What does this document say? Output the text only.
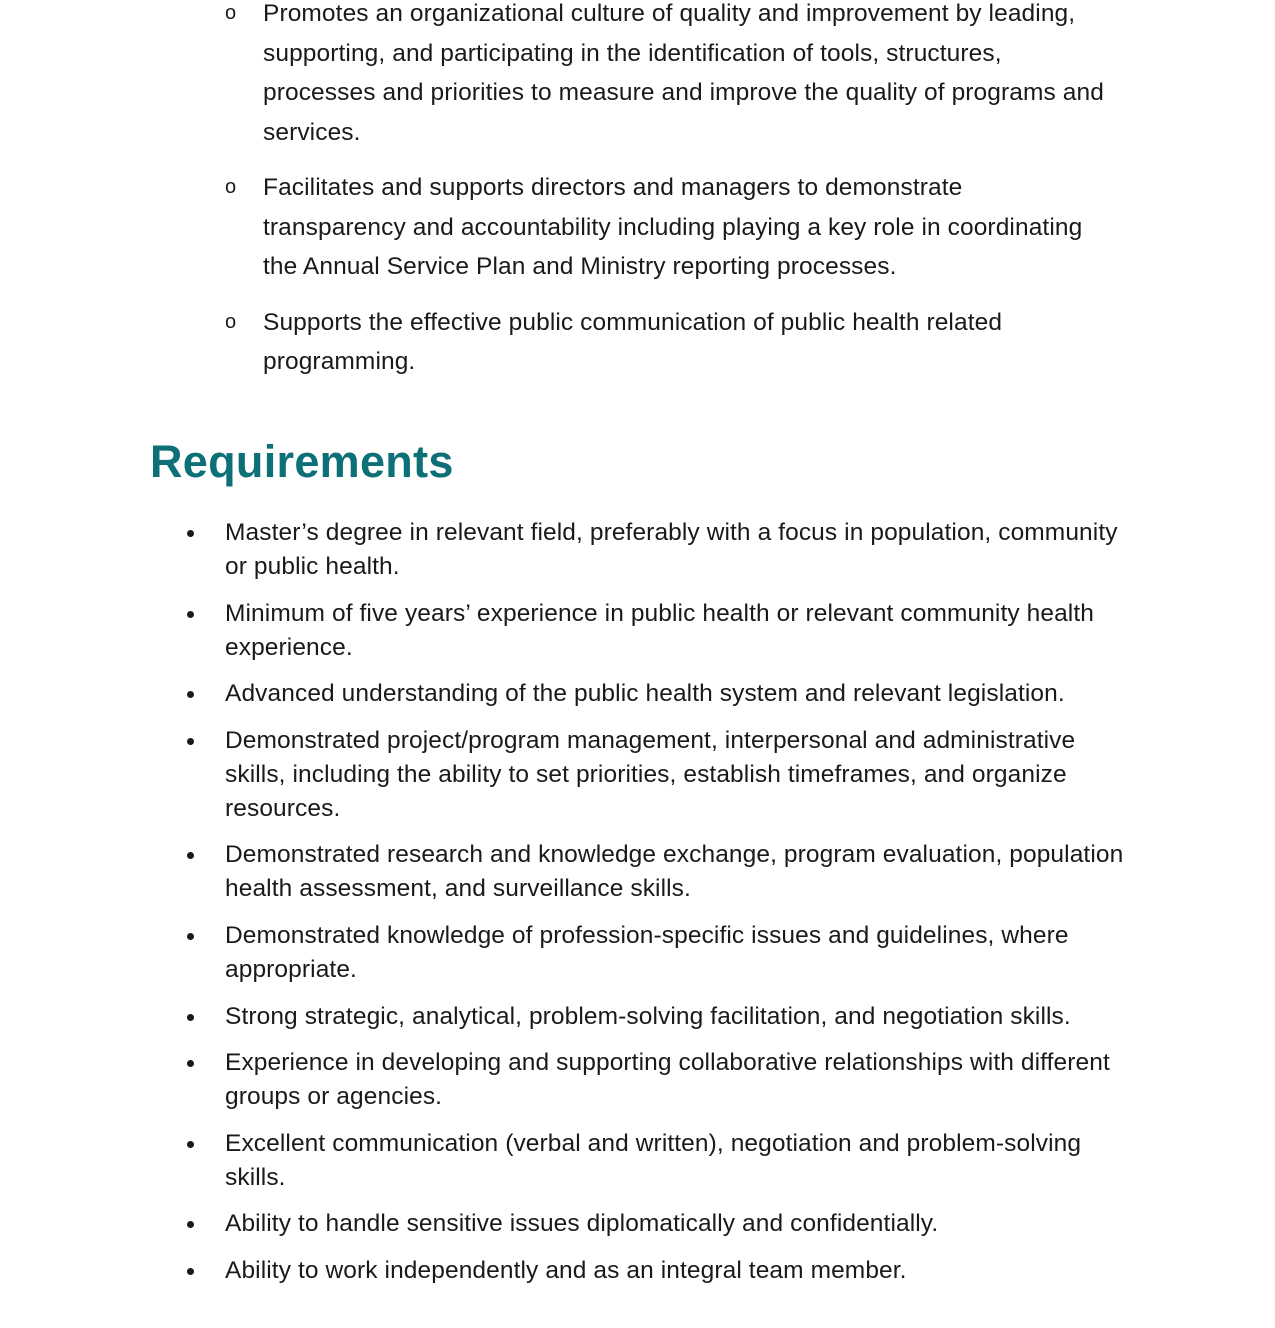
o Promotes an organizational culture of quality and improvement by leading, supporting, and participating in the identification of tools, structures, processes and priorities to measure and improve the quality of programs and services.
o Facilitates and supports directors and managers to demonstrate transparency and accountability including playing a key role in coordinating the Annual Service Plan and Ministry reporting processes.
o Supports the effective public communication of public health related programming.
Requirements
Master’s degree in relevant field, preferably with a focus in population, community or public health.
Minimum of five years’ experience in public health or relevant community health experience.
Advanced understanding of the public health system and relevant legislation.
Demonstrated project/program management, interpersonal and administrative skills, including the ability to set priorities, establish timeframes, and organize resources.
Demonstrated research and knowledge exchange, program evaluation, population health assessment, and surveillance skills.
Demonstrated knowledge of profession-specific issues and guidelines, where appropriate.
Strong strategic, analytical, problem-solving facilitation, and negotiation skills.
Experience in developing and supporting collaborative relationships with different groups or agencies.
Excellent communication (verbal and written), negotiation and problem-solving skills.
Ability to handle sensitive issues diplomatically and confidentially.
Ability to work independently and as an integral team member.
